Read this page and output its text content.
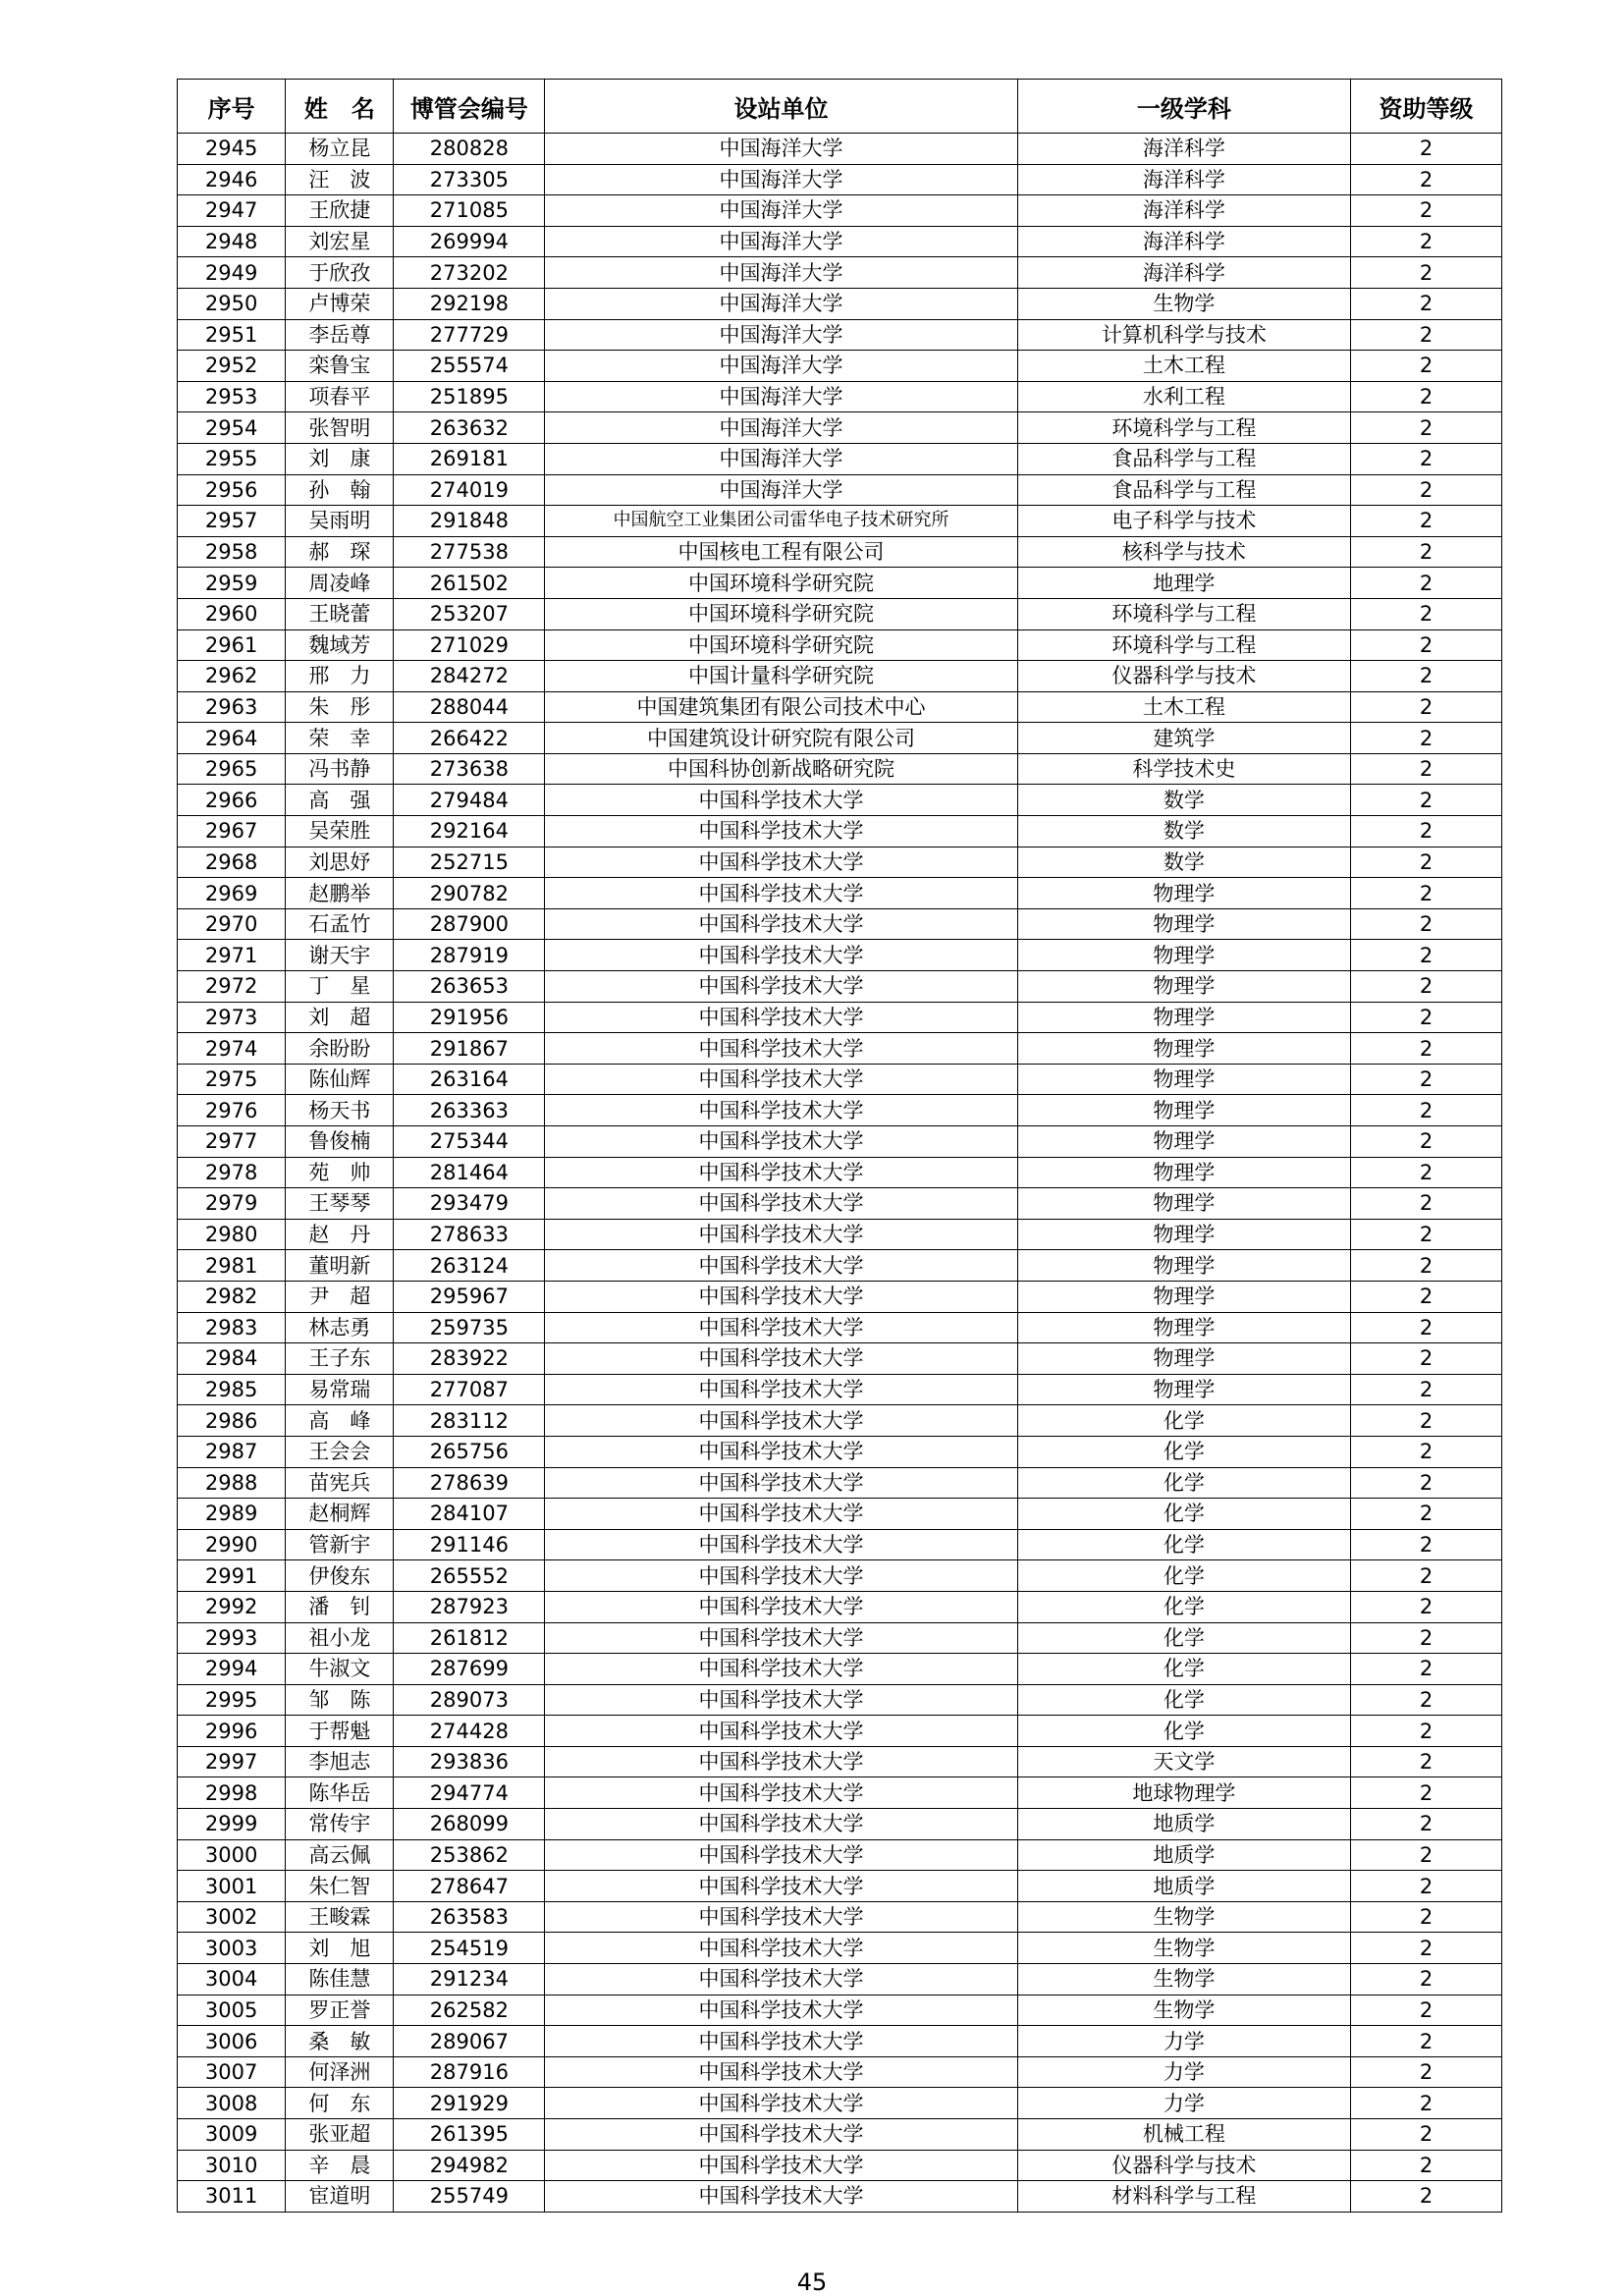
序号	姓　名	博管会编号	设站单位	一级学科	资助等级
2945	杨立昆	280828	中国海洋大学	海洋科学	2
2946	汪　波	273305	中国海洋大学	海洋科学	2
2947	王欣捷	271085	中国海洋大学	海洋科学	2
2948	刘宏星	269994	中国海洋大学	海洋科学	2
2949	于欣孜	273202	中国海洋大学	海洋科学	2
2950	卢博荣	292198	中国海洋大学	生物学	2
2951	李岳尊	277729	中国海洋大学	计算机科学与技术	2
2952	栾鲁宝	255574	中国海洋大学	土木工程	2
2953	项春平	251895	中国海洋大学	水利工程	2
2954	张智明	263632	中国海洋大学	环境科学与工程	2
2955	刘　康	269181	中国海洋大学	食品科学与工程	2
2956	孙　翰	274019	中国海洋大学	食品科学与工程	2
2957	吴雨明	291848	中国航空工业集团公司雷华电子技术研究所	电子科学与技术	2
2958	郝　琛	277538	中国核电工程有限公司	核科学与技术	2
2959	周凌峰	261502	中国环境科学研究院	地理学	2
2960	王晓蕾	253207	中国环境科学研究院	环境科学与工程	2
2961	魏域芳	271029	中国环境科学研究院	环境科学与工程	2
2962	邢　力	284272	中国计量科学研究院	仪器科学与技术	2
2963	朱　彤	288044	中国建筑集团有限公司技术中心	土木工程	2
2964	荣　幸	266422	中国建筑设计研究院有限公司	建筑学	2
2965	冯书静	273638	中国科协创新战略研究院	科学技术史	2
2966	高　强	279484	中国科学技术大学	数学	2
2967	吴荣胜	292164	中国科学技术大学	数学	2
2968	刘思妤	252715	中国科学技术大学	数学	2
2969	赵鹏举	290782	中国科学技术大学	物理学	2
2970	石孟竹	287900	中国科学技术大学	物理学	2
2971	谢天宇	287919	中国科学技术大学	物理学	2
2972	丁　星	263653	中国科学技术大学	物理学	2
2973	刘　超	291956	中国科学技术大学	物理学	2
2974	余盼盼	291867	中国科学技术大学	物理学	2
2975	陈仙辉	263164	中国科学技术大学	物理学	2
2976	杨天书	263363	中国科学技术大学	物理学	2
2977	鲁俊楠	275344	中国科学技术大学	物理学	2
2978	苑　帅	281464	中国科学技术大学	物理学	2
2979	王琴琴	293479	中国科学技术大学	物理学	2
2980	赵　丹	278633	中国科学技术大学	物理学	2
2981	董明新	263124	中国科学技术大学	物理学	2
2982	尹　超	295967	中国科学技术大学	物理学	2
2983	林志勇	259735	中国科学技术大学	物理学	2
2984	王子东	283922	中国科学技术大学	物理学	2
2985	易常瑞	277087	中国科学技术大学	物理学	2
2986	高　峰	283112	中国科学技术大学	化学	2
2987	王会会	265756	中国科学技术大学	化学	2
2988	苗宪兵	278639	中国科学技术大学	化学	2
2989	赵桐辉	284107	中国科学技术大学	化学	2
2990	管新宇	291146	中国科学技术大学	化学	2
2991	伊俊东	265552	中国科学技术大学	化学	2
2992	潘　钊	287923	中国科学技术大学	化学	2
2993	祖小龙	261812	中国科学技术大学	化学	2
2994	牛淑文	287699	中国科学技术大学	化学	2
2995	邹　陈	289073	中国科学技术大学	化学	2
2996	于帮魁	274428	中国科学技术大学	化学	2
2997	李旭志	293836	中国科学技术大学	天文学	2
2998	陈华岳	294774	中国科学技术大学	地球物理学	2
2999	常传宇	268099	中国科学技术大学	地质学	2
3000	高云佩	253862	中国科学技术大学	地质学	2
3001	朱仁智	278647	中国科学技术大学	地质学	2
3002	王畯霖	263583	中国科学技术大学	生物学	2
3003	刘　旭	254519	中国科学技术大学	生物学	2
3004	陈佳慧	291234	中国科学技术大学	生物学	2
3005	罗正誉	262582	中国科学技术大学	生物学	2
3006	桑　敏	289067	中国科学技术大学	力学	2
3007	何泽洲	287916	中国科学技术大学	力学	2
3008	何　东	291929	中国科学技术大学	力学	2
3009	张亚超	261395	中国科学技术大学	机械工程	2
3010	辛　晨	294982	中国科学技术大学	仪器科学与技术	2
3011	宦道明	255749	中国科学技术大学	材料科学与工程	2
45
